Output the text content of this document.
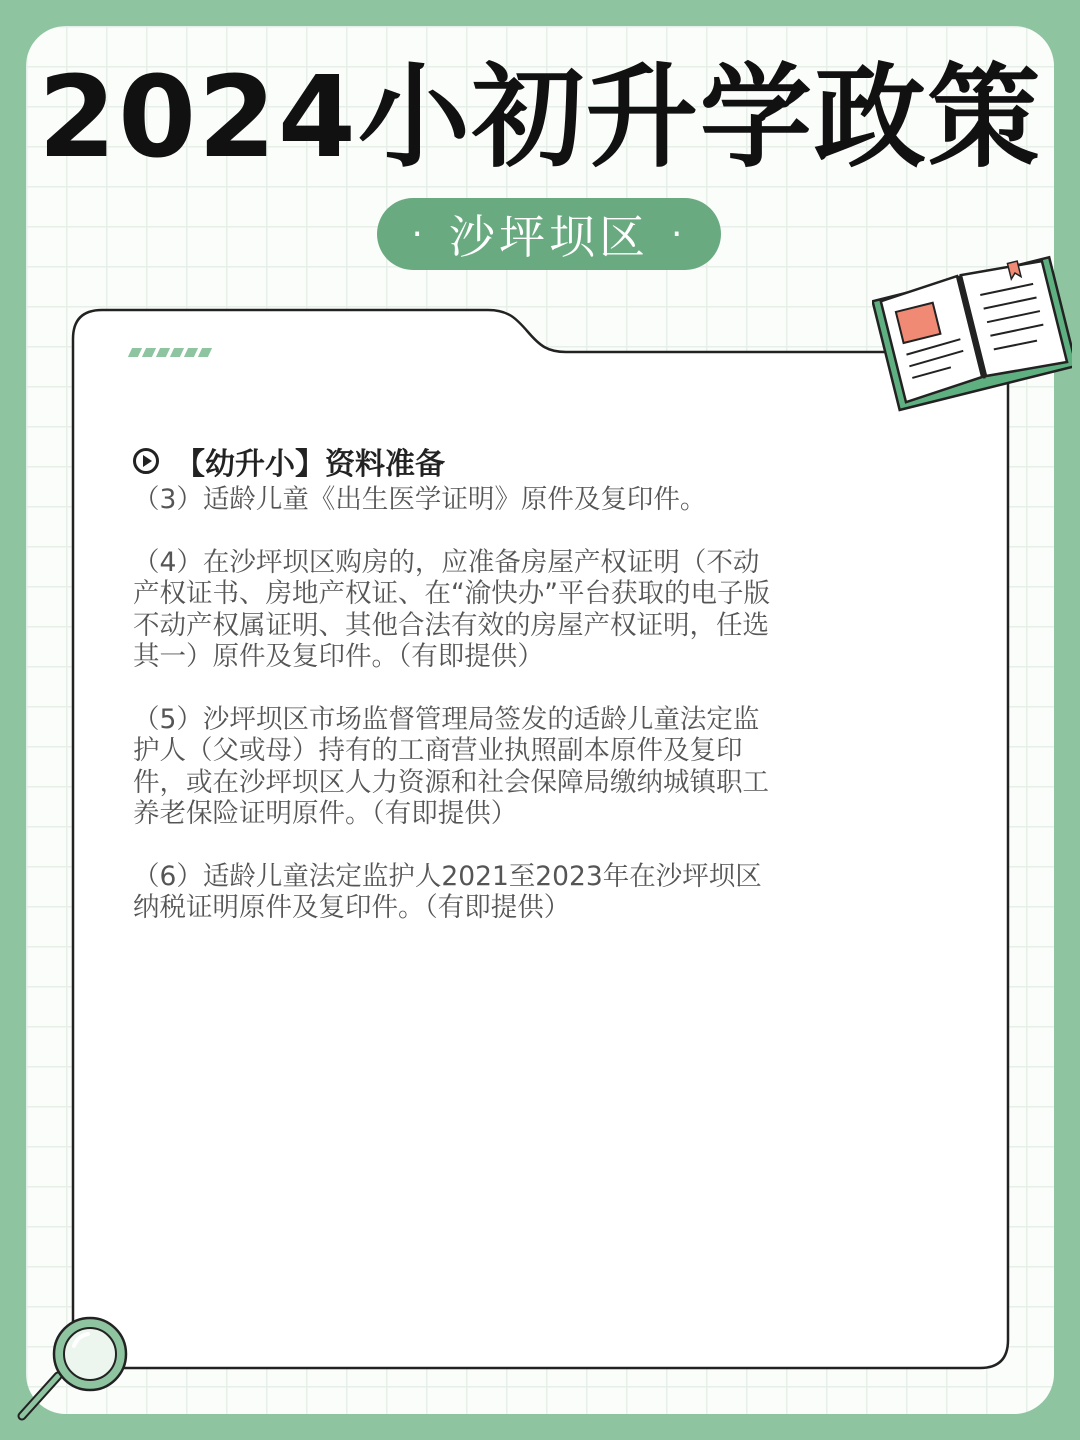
2024小初升学政策
· 沙坪坝区 ·
【幼升小】资料准备

（3）适龄儿童《出生医学证明》原件及复印件。

（4）在沙坪坝区购房的，应准备房屋产权证明（不动
产权证书、房地产权证、在“渝快办”平台获取的电子版
不动产权属证明、其他合法有效的房屋产权证明，任选
其一）原件及复印件。（有即提供）

（5）沙坪坝区市场监督管理局签发的适龄儿童法定监
护人（父或母）持有的工商营业执照副本原件及复印
件，或在沙坪坝区人力资源和社会保障局缴纳城镇职工
养老保险证明原件。（有即提供）

（6）适龄儿童法定监护人2021至2023年在沙坪坝区
纳税证明原件及复印件。（有即提供）
